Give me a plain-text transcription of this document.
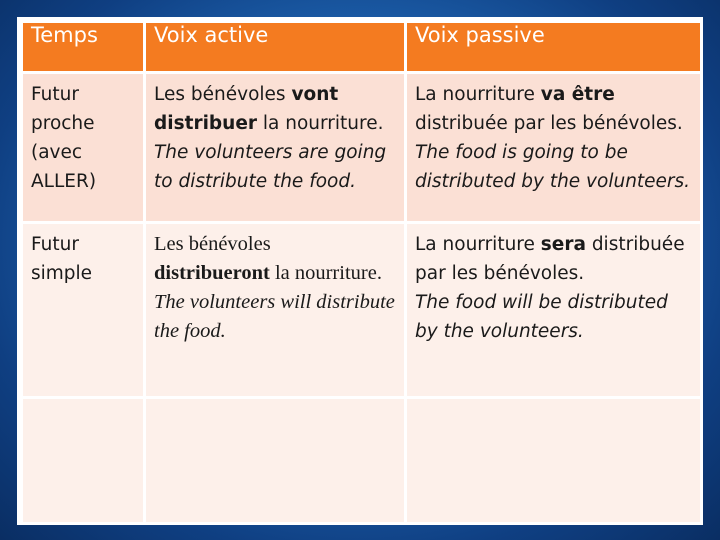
Temps	Voix active	Voix passive

Futur
proche
(avec
ALLER)	Les bénévoles vont
distribuer la nourriture.
The volunteers are going to distribute the food.	La nourriture va être
distribuée par les bénévoles.
The food is going to be distributed by the volunteers.

Futur
simple	Les bénévoles
distribueront la nourriture.
The volunteers will distribute the food.	La nourriture sera distribuée par les bénévoles.
The food will be distributed by the volunteers.
